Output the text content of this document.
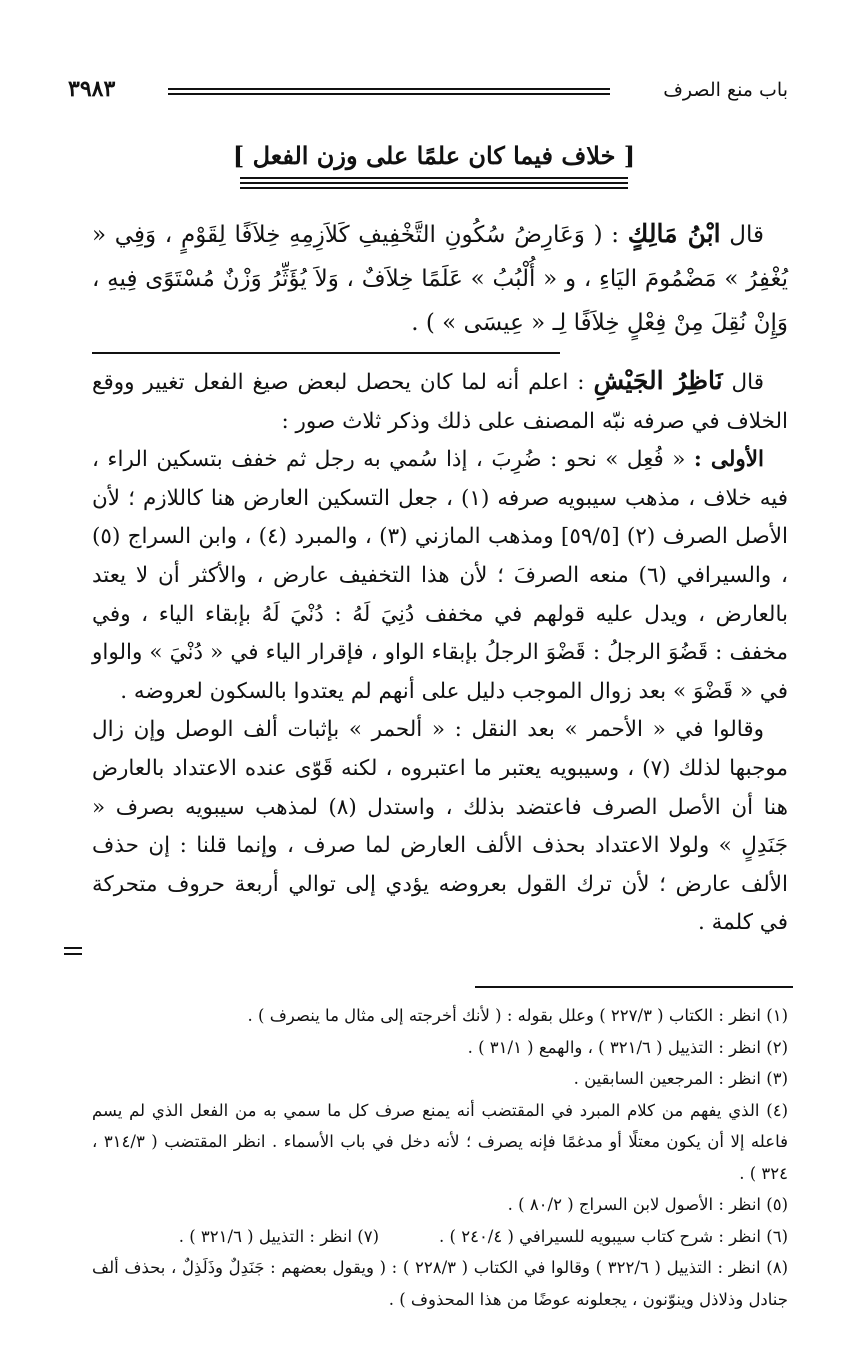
باب منع الصرف
٣٩٨٣
[ خلاف فيما كان علمًا على وزن الفعل ]

قال ابْنُ مَالِكٍ : ( وَعَارِضُ سُكُونِ التَّخْفِيفِ كَلاَزِمِهِ خِلاَفًا لِقَوْمٍ ، وَفِي « يُغْفِرُ » مَضْمُومَ اليَاءِ ، و « أُلْبُبُ » عَلَمًا خِلاَفٌ ، وَلاَ يُؤَثِّرُ وَزْنٌ مُسْتَوًى فِيهِ ، وَإِنْ نُقِلَ مِنْ فِعْلٍ خِلاَفًا لِـ « عِيسَى » ) .

قال نَاظِرُ الجَيْشِ : اعلم أنه لما كان يحصل لبعض صيغ الفعل تغيير ووقع الخلاف في صرفه نبّه المصنف على ذلك وذكر ثلاث صور :

الأولى : « فُعِل » نحو : ضُرِبَ ، إذا سُمي به رجل ثم خفف بتسكين الراء ، فيه خلاف ، مذهب سيبويه صرفه (١) ، جعل التسكين العارض هنا كاللازم ؛ لأن الأصل الصرف (٢) [٥٩/٥] ومذهب المازني (٣) ، والمبرد (٤) ، وابن السراج (٥) ، والسيرافي (٦) منعه الصرفَ ؛ لأن هذا التخفيف عارض ، والأكثر أن لا يعتد بالعارض ، ويدل عليه قولهم في مخفف دُنِيَ لَهُ : دُنْيَ لَهُ بإبقاء الياء ، وفي مخفف : قَضُوَ الرجلُ : قَضْوَ الرجلُ بإبقاء الواو ، فإقرار الياء في « دُنْيَ » والواو في « قَضْوَ » بعد زوال الموجب دليل على أنهم لم يعتدوا بالسكون لعروضه .

وقالوا في « الأحمر » بعد النقل : « ألحمر » بإثبات ألف الوصل وإن زال موجبها لذلك (٧) ، وسيبويه يعتبر ما اعتبروه ، لكنه قَوّى عنده الاعتداد بالعارض هنا أن الأصل الصرف فاعتضد بذلك ، واستدل (٨) لمذهب سيبويه بصرف « جَنَدِلٍ » ولولا الاعتداد بحذف الألف العارض لما صرف ، وإنما قلنا : إن حذف الألف عارض ؛ لأن ترك القول بعروضه يؤدي إلى توالي أربعة حروف متحركة في كلمة .

(١) انظر : الكتاب ( ٢٢٧/٣ ) وعلل بقوله : ( لأنك أخرجته إلى مثال ما ينصرف ) .

(٢) انظر : التذييل ( ٣٢١/٦ ) ، والهمع ( ٣١/١ ) .

(٣) انظر : المرجعين السابقين .

(٤) الذي يفهم من كلام المبرد في المقتضب أنه يمنع صرف كل ما سمي به من الفعل الذي لم يسم فاعله إلا أن يكون معتلًا أو مدغمًا فإنه يصرف ؛ لأنه دخل في باب الأسماء . انظر المقتضب ( ٣١٤/٣ ، ٣٢٤ ) .

(٥) انظر : الأصول لابن السراج ( ٨٠/٢ ) .

(٦) انظر : شرح كتاب سيبويه للسيرافي ( ٢٤٠/٤ ) .
(٧) انظر : التذييل ( ٣٢١/٦ ) .

(٨) انظر : التذييل ( ٣٢٢/٦ ) وقالوا في الكتاب ( ٢٢٨/٣ ) : ( ويقول بعضهم : جَنَدِلٌ وذَلَذِلٌ ، بحذف ألف جنادل وذلاذل وينوّنون ، يجعلونه عوضًا من هذا المحذوف ) .
